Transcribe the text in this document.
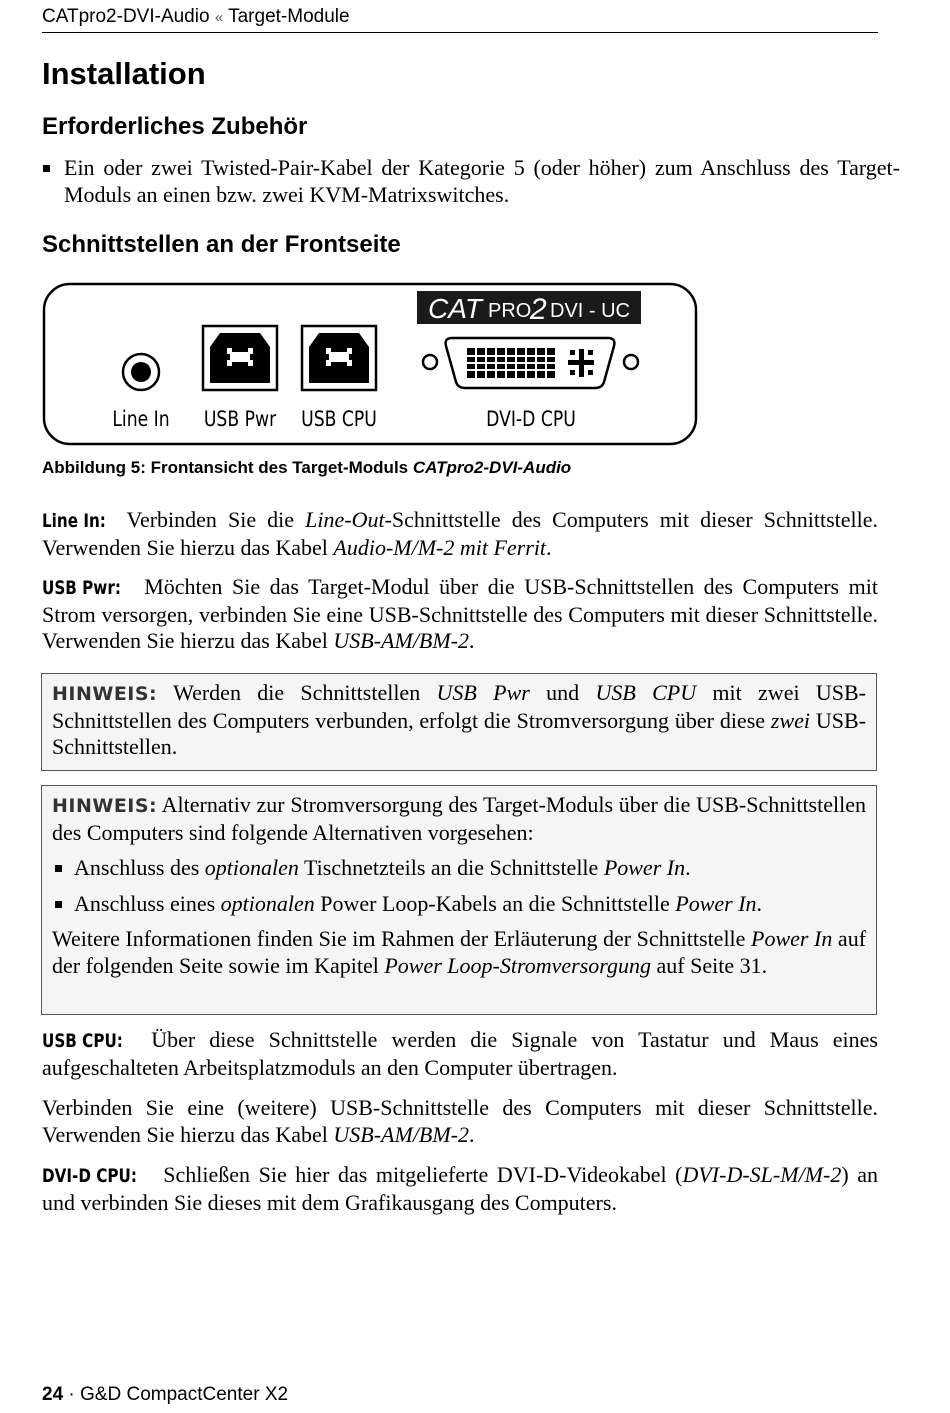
CATpro2-DVI-Audio « Target-Module
Installation
Erforderliches Zubehör
Ein oder zwei Twisted-Pair-Kabel der Kategorie 5 (oder höher) zum Anschluss des Target-Moduls an einen bzw. zwei KVM-Matrixswitches.
Schnittstellen an der Frontseite
CAT PRO
2 DVI - UC
Line In USB Pwr USB CPU	DVI-D CPU
Abbildung 5: Frontansicht des Target-Moduls CATpro2-DVI-Audio
Line In: Verbinden Sie die Line-Out-Schnittstelle des Computers mit dieser Schnittstelle. Verwenden Sie hierzu das Kabel Audio-M/M-2 mit Ferrit.
USB Pwr: Möchten Sie das Target-Modul über die USB-Schnittstellen des Computers mit Strom versorgen, verbinden Sie eine USB-Schnittstelle des Computers mit dieser Schnittstelle. Verwenden Sie hierzu das Kabel USB-AM/BM-2.
HINWEIS: Werden die Schnittstellen USB Pwr und USB CPU mit zwei USB-Schnittstellen des Computers verbunden, erfolgt die Stromversorgung über diese zwei USB-Schnittstellen.
HINWEIS: Alternativ zur Stromversorgung des Target-Moduls über die USB-Schnittstellen des Computers sind folgende Alternativen vorgesehen:
Anschluss des optionalen Tischnetzteils an die Schnittstelle Power In.
Anschluss eines optionalen Power Loop-Kabels an die Schnittstelle Power In.

Weitere Informationen finden Sie im Rahmen der Erläuterung der Schnittstelle Power In auf der folgenden Seite sowie im Kapitel Power Loop-Stromversorgung auf Seite 31.

USB CPU: Über diese Schnittstelle werden die Signale von Tastatur und Maus eines aufgeschalteten Arbeitsplatzmoduls an den Computer übertragen.
Verbinden Sie eine (weitere) USB-Schnittstelle des Computers mit dieser Schnittstelle. Verwenden Sie hierzu das Kabel USB-AM/BM-2.
DVI-D CPU: Schließen Sie hier das mitgelieferte DVI-D-Videokabel (DVI-D-SL-M/M-2) an und verbinden Sie dieses mit dem Grafikausgang des Computers.
24 · G&D CompactCenter X2
